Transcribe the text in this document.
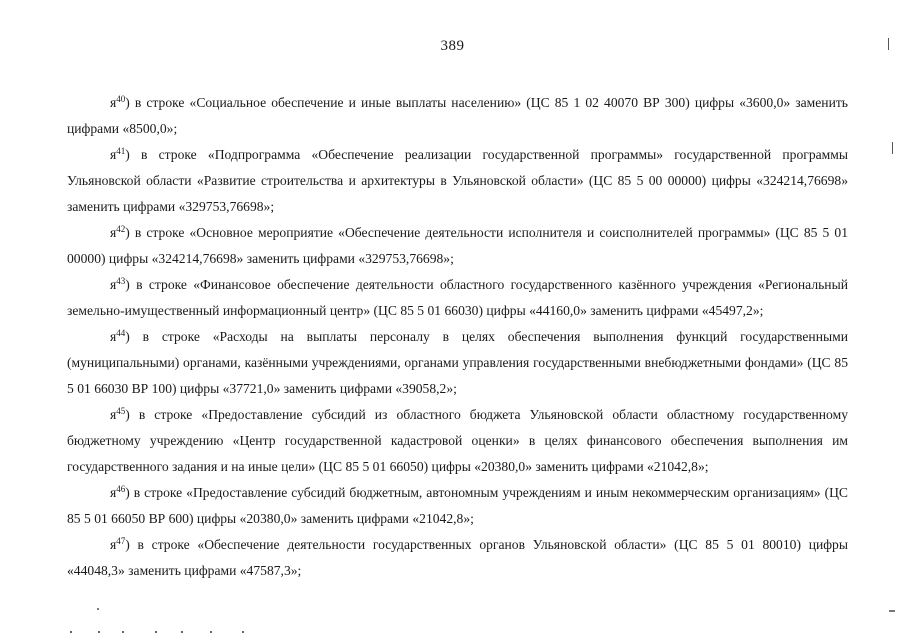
389

$я^{40}$) в строке «Социальное обеспечение и иные выплаты населению» (ЦС 85 1 02 40070 ВР 300) цифры «3600,0» заменить цифрами «8500,0»;

$я^{41}$) в строке «Подпрограмма «Обеспечение реализации государственной программы» государственной программы Ульяновской области «Развитие строительства и архитектуры в Ульяновской области» (ЦС 85 5 00 00000) цифры «324214,76698» заменить цифрами «329753,76698»;

$я^{42}$) в строке «Основное мероприятие «Обеспечение деятельности исполнителя и соисполнителей программы» (ЦС 85 5 01 00000) цифры «324214,76698» заменить цифрами «329753,76698»;

$я^{43}$) в строке «Финансовое обеспечение деятельности областного государственного казённого учреждения «Региональный земельно-имущественный информационный центр» (ЦС 85 5 01 66030) цифры «44160,0» заменить цифрами «45497,2»;

$я^{44}$) в строке «Расходы на выплаты персоналу в целях обеспечения выполнения функций государственными (муниципальными) органами, казёнными учреждениями, органами управления государственными внебюджетными фондами» (ЦС 85 5 01 66030 ВР 100) цифры «37721,0» заменить цифрами «39058,2»;

$я^{45}$) в строке «Предоставление субсидий из областного бюджета Ульяновской области областному государственному бюджетному учреждению «Центр государственной кадастровой оценки» в целях финансового обеспечения выполнения им государственного задания и на иные цели» (ЦС 85 5 01 66050) цифры «20380,0» заменить цифрами «21042,8»;

$я^{46}$) в строке «Предоставление субсидий бюджетным, автономным учреждениям и иным некоммерческим организациям» (ЦС 85 5 01 66050 ВР 600) цифры «20380,0» заменить цифрами «21042,8»;

$я^{47}$) в строке «Обеспечение деятельности государственных органов Ульяновской области» (ЦС 85 5 01 80010) цифры «44048,3» заменить цифрами «47587,3»;
